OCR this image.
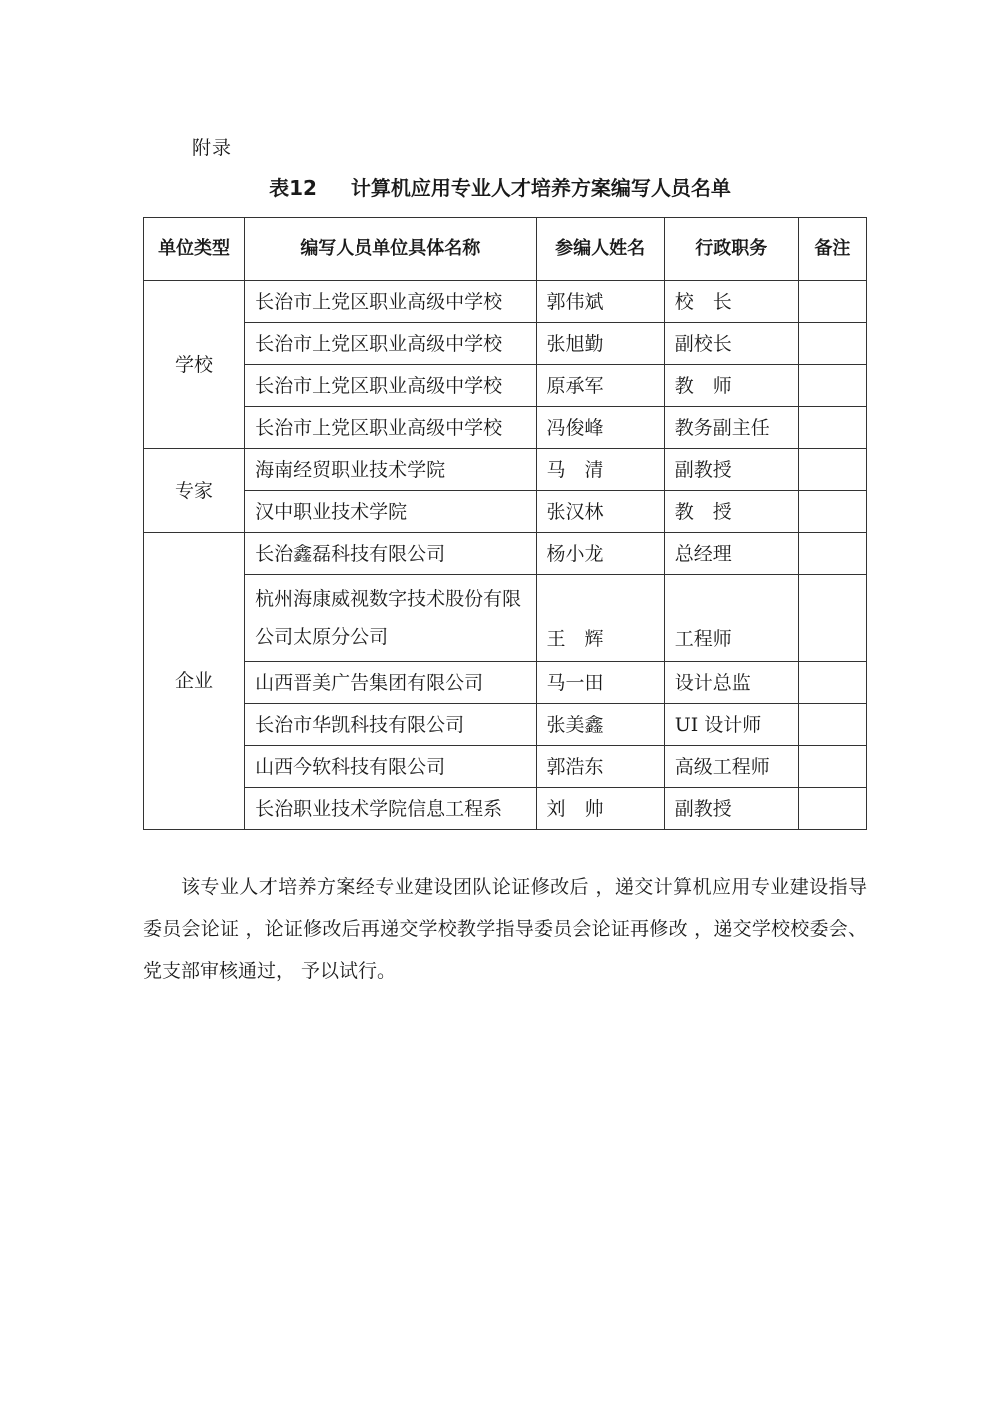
附录
表12 计算机应用专业人才培养方案编写人员名单
单位类型	编写人员单位具体名称	参编人姓名	行政职务	备注
学校	长治市上党区职业高级中学校	郭伟斌	校　长	
	长治市上党区职业高级中学校	张旭勤	副校长	
	长治市上党区职业高级中学校	原承军	教　师	
	长治市上党区职业高级中学校	冯俊峰	教务副主任	
专家	海南经贸职业技术学院	马　清	副教授	
	汉中职业技术学院	张汉林	教　授	
企业	长治鑫磊科技有限公司	杨小龙	总经理	
	杭州海康威视数字技术股份有限公司太原分公司	王　辉	工程师	
	山西晋美广告集团有限公司	马一田	设计总监	
	长治市华凯科技有限公司	张美鑫	UI 设计师	
	山西今软科技有限公司	郭浩东	高级工程师	
	长治职业技术学院信息工程系	刘　帅	副教授	
该专业人才培养方案经专业建设团队论证修改后 ，递交计算机应用专业建设指导委员会论证 ，论证修改后再递交学校教学指导委员会论证再修改 ，递交学校校委会、党支部审核通过， 予以试行。
